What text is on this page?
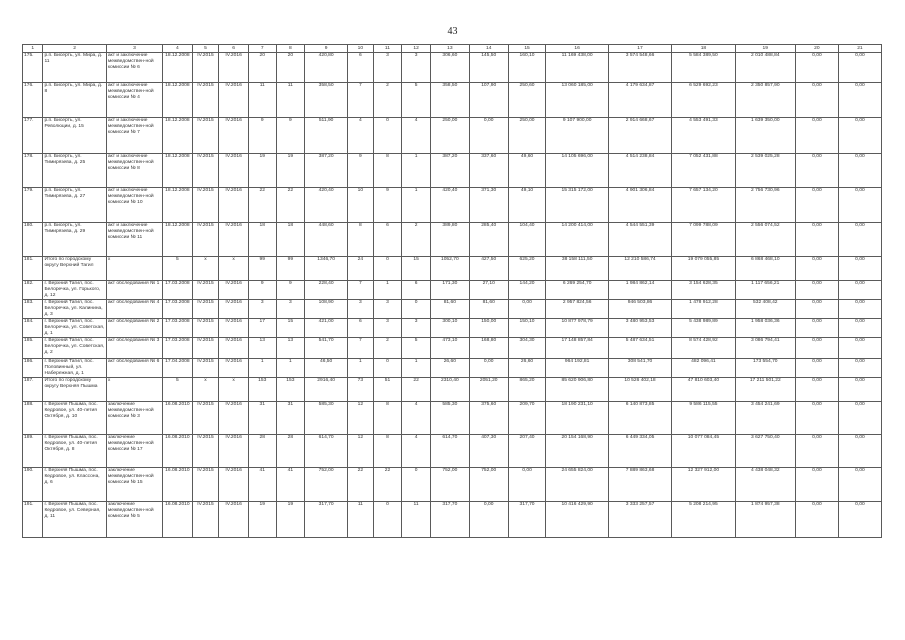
43
1	2	3	4	5	6	7	8	9	10	11	12	13	14	15	16	17	18	19	20	21
175.	р.п. Бисерть, ул. Мира, д. 11	акт и заключение межведомствен-ной комиссии № 6	18.12.2008	IV.2015	IV.2016	20	20	420,80	6	3	3	306,60	145,50	160,10	11 169 438,00	3 574 548,66	5 584 389,50	2 010 488,84	0,00	0,00
176.	р.п. Бисерть, ул. Мира, д. 8	акт и заключение межведомствен-ной комиссии № 4	18.12.2008	IV.2015	IV.2016	11	11	358,50	7	2	5	358,50	107,90	250,60	13 060 185,00	4 179 634,87	6 529 692,23	2 350 857,90	0,00	0,00
177.	р.п. Бисерть, ул. Революции, д. 15	акт и заключение межведомствен-ной комиссии № 7	18.12.2008	IV.2015	IV.2016	9	9	511,90	4	0	4	250,00	0,00	250,00	9 107 900,00	2 914 668,67	4 553 491,33	1 639 350,00	0,00	0,00
178.	р.п. Бисерть, ул. Тимирязева, д. 25	акт и заключение межведомствен-ной комиссии № 8	18.12.2008	IV.2015	IV.2016	19	19	387,20	9	8	1	387,20	337,60	49,60	14 105 696,00	4 514 238,84	7 052 431,88	2 539 025,28	0,00	0,00
179.	р.п. Бисерть, ул. Тимирязева, д. 27	акт и заключение межведомствен-ной комиссии № 10	18.12.2008	IV.2015	IV.2016	22	22	420,40	10	9	1	420,40	371,30	49,10	15 315 172,00	4 901 306,84	7 657 134,20	2 756 730,96	0,00	0,00
180.	р.п. Бисерть, ул. Тимирязева, д. 29	акт и заключение межведомствен-ной комиссии № 11	18.12.2008	IV.2015	IV.2016	18	18	448,60	8	6	2	389,80	285,40	104,40	14 200 414,00	4 544 551,39	7 099 788,09	2 556 074,52	0,00	0,00
181.	Итого по городскому округу Верхний Тагил	x	5	x	x	99	99	1346,70	24	0	15	1052,70	427,50	625,20	38 158 111,50	12 210 586,74	19 079 055,85	6 868 468,10	0,00	0,00
182.	г. Верхний Тагил, пос. Белоречка, ул. Горького, д. 12	акт обследования № 1	17.03.2008	IV.2015	IV.2016	9	9	228,40	7	1	6	171,30	27,10	144,20	6 269 254,70	1 984 862,14	3 154 628,35	1 117 656,21	0,00	0,00
183.	г. Верхний Тагил, пос. Белоречка, ул. Калинина, д. 3	акт обследования № 4	17.03.2008	IV.2015	IV.2016	3	3	108,90	3	3	0	81,60	81,60	0,00	2 957 824,56	946 503,86	1 478 912,28	532 408,42	0,00	0,00
184.	г. Верхний Тагил, пос. Белоречка, ул. Советская, д. 1	акт обследования № 2	17.03.2008	IV.2015	IV.2016	17	15	421,00	6	3	3	300,10	150,00	150,10	10 877 978,79	3 480 953,53	5 438 989,89	1 958 036,36	0,00	0,00
185.	г. Верхний Тагил, пос. Белоречка, ул. Советская, д. 2	акт обследования № 3	17.03.2008	IV.2015	IV.2016	13	13	541,70	7	2	5	473,10	168,80	304,30	17 148 857,84	5 487 634,51	8 574 428,92	3 086 794,41	0,00	0,00
186.	г. Верхний Тагил, пос. Половинный, ул. Набережная, д. 1	акт обследования № 6	17.04.2008	IV.2015	IV.2016	1	1	46,50	1	0	1	26,60	0,00	26,60	964 192,81	308 541,70	482 096,41	173 554,70	0,00	0,00
187.	Итого по городскому округу Верхняя Пышма	x	5	x	x	153	153	2916,40	73	51	22	2310,40	2051,20	865,20	85 620 906,80	10 526 402,18	47 810 603,40	17 211 501,22	0,00	0,00
188.	г. Верхняя Пышма, пос. Кедровое, ул. 40-летия Октября, д. 10	заключение межведомствен-ной комиссии № 3	16.08.2010	IV.2015	IV.2016	31	31	585,30	12	8	4	585,30	375,60	209,70	18 190 231,10	6 140 873,85	9 586 115,55	3 454 241,69	0,00	0,00
189.	г. Верхняя Пышма, пос. Кедровое, ул. 40-летия Октября, д. 8	заключение межведомствен-ной комиссии № 17	16.08.2010	IV.2015	IV.2016	28	28	614,70	12	8	4	614,70	407,30	207,40	20 154 168,90	6 449 334,05	10 077 084,45	3 627 750,40	0,00	0,00
190.	г. Верхняя Пышма, пос. Кедровое, ул. Классона, д. 6	заключение межведомствен-ной комиссии № 15	16.08.2010	IV.2015	IV.2016	41	41	752,00	22	22	0	752,00	752,00	0,00	24 655 824,00	7 889 863,68	12 327 912,00	4 438 048,32	0,00	0,00
191.	г. Верхняя Пышма, пос. Кедровое, ул. Северная, д. 11	заключение межведомствен-ной комиссии № 5	16.08.2010	IV.2015	IV.2016	19	19	317,70	11	0	11	317,70	0,00	317,70	10 416 429,90	3 333 257,57	5 208 214,95	1 874 957,38	0,00	0,00
